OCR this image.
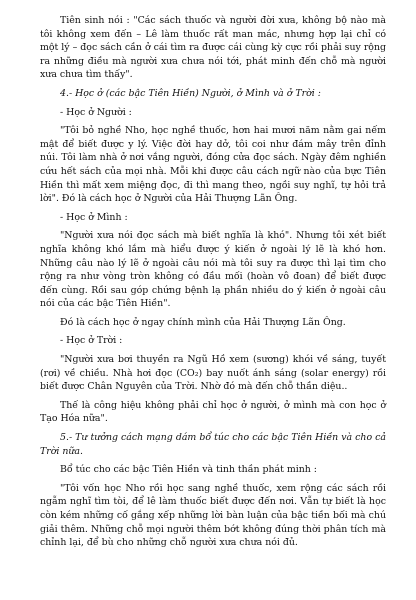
Tiên sinh nói : "Các sách thuốc và người đời xưa, không bộ nào mà tôi không xem đến – Lê làm thuốc rất man mác, nhưng hợp lại chỉ có một lý – đọc sách cần ở cái tìm ra được cái cùng kỳ cực rồi phải suy rộng ra những điều mà người xưa chưa nói tới, phát minh đến chỗ mà người xưa chưa tìm thấy".

4.- Học ở (các bậc Tiên Hiền) Người, ở Mình và ở Trời :

- Học ở Người :

"Tôi bỏ nghề Nho, học nghề thuốc, hơn hai mươi năm nằm gai nếm mật để biết được y lý. Việc đời hay dở, tôi coi như đám mây trên đỉnh núi. Tôi làm nhà ở nơi vắng người, đóng cửa đọc sách. Ngày đêm nghiền cứu hết sách của mọi nhà. Mỗi khi được câu cách ngữ nào của bực Tiên Hiền thì mất xem miệng đọc, đi thì mang theo, ngồi suy nghĩ, tự hỏi trả lời". Đó là cách học ở Người của Hải Thượng Lãn Ông.

- Học ở Mình :

"Người xưa nói đọc sách mà biết nghĩa là khó". Nhưng tôi xét biết nghĩa không khó lắm mà hiểu được ý kiến ở ngoài lý lẽ là khó hơn. Những câu nào lý lẽ ở ngoài câu nói mà tôi suy ra được thì lại tìm cho rộng ra như vòng tròn không có đầu mối (hoàn vô đoan) để biết được đến cùng. Rồi sau góp chứng bệnh lạ phần nhiều do ý kiến ở ngoài câu nói của các bậc Tiên Hiền".

Đó là cách học ở ngay chính mình của Hải Thượng Lãn Ông.

- Học ở Trời :

"Người xưa bơi thuyền ra Ngũ Hồ xem (sương) khói về sáng, tuyết (rơi) về chiều. Nhà hơi đọc (CO₂) bay nuốt ánh sáng (solar energy) rồi biết được Chân Nguyên của Trời. Nhờ đó mà đến chỗ thần diệu..

Thế là công hiệu không phải chỉ học ở người, ở mình mà con học ở Tạo Hóa nữa".

5.- Tư tưởng cách mạng dám bổ túc cho các bậc Tiên Hiền và cho cả Trời nữa.

Bổ túc cho các bậc Tiên Hiền và tinh thần phát minh :

"Tôi vốn học Nho rồi học sang nghề thuốc, xem rộng các sách rồi ngẫm nghĩ tìm tòi, để lê làm thuốc biết được đến nơi. Vẫn tự biết là học còn kém những cố gắng xếp những lời bàn luận của bậc tiền bối mà chú giải thêm. Những chỗ mọi người thêm bớt không đúng thời phân tích mà chỉnh lại, để bù cho những chỗ người xưa chưa nói đủ.
